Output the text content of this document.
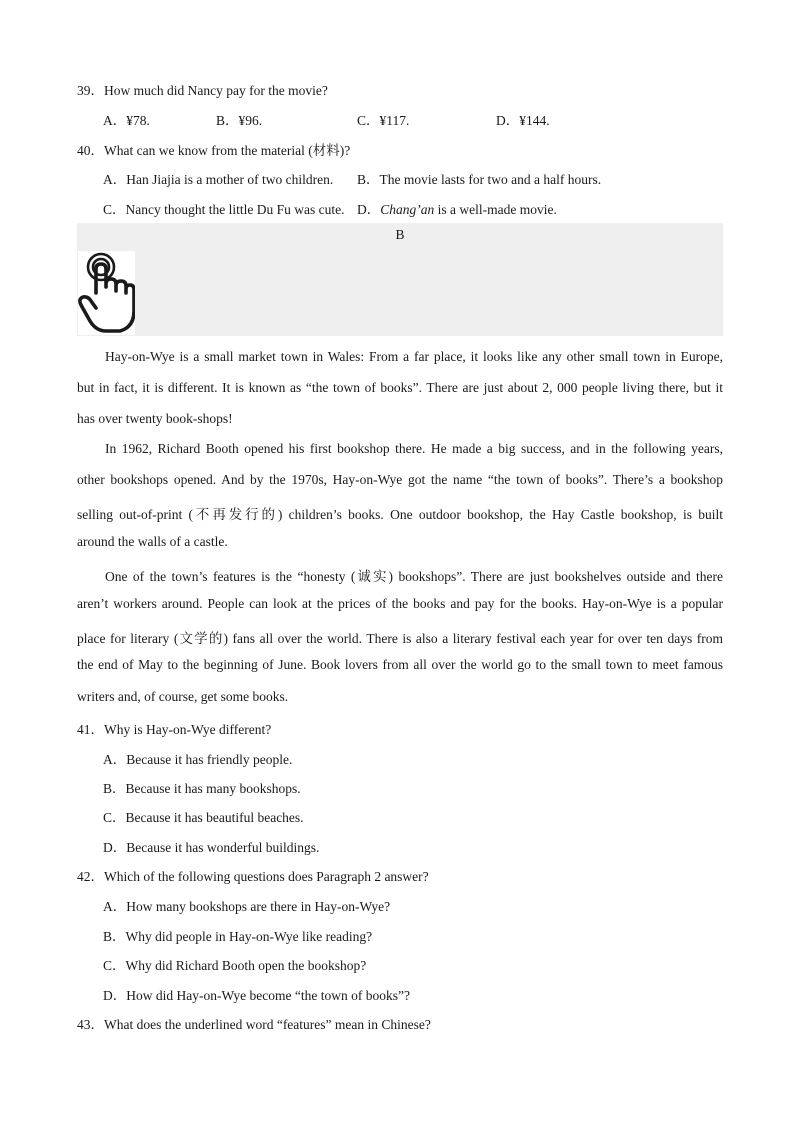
39．How much did Nancy pay for the movie?
A．¥78.	B．¥96.	C．¥117.	D．¥144.
40．What can we know from the material (材料)?
A．Han Jiajia is a mother of two children. B．The movie lasts for two and a half hours.
C．Nancy thought the little Du Fu was cute. D．Chang’an is a well-made movie.
B
Hay-on-Wye is a small market town in Wales: From a far place, it looks like any other small town in Europe,
but in fact, it is different. It is known as “the town of books”. There are just about 2, 000 people living there, but it
has over twenty book-shops!
In 1962, Richard Booth opened his first bookshop there. He made a big success, and in the following years,
other bookshops opened. And by the 1970s, Hay-on-Wye got the name “the town of books”. There’s a bookshop
selling out-of-print (不再发行的) children’s books. One outdoor bookshop, the Hay Castle bookshop, is built
around the walls of a castle.
One of the town’s features is the “honesty (诚实) bookshops”. There are just bookshelves outside and there
aren’t workers around. People can look at the prices of the books and pay for the books. Hay-on-Wye is a popular
place for literary (文学的) fans all over the world. There is also a literary festival each year for over ten days from
the end of May to the beginning of June. Book lovers from all over the world go to the small town to meet famous
writers and, of course, get some books.
41．Why is Hay-on-Wye different?
A．Because it has friendly people.
B．Because it has many bookshops.
C．Because it has beautiful beaches.
D．Because it has wonderful buildings.
42．Which of the following questions does Paragraph 2 answer?
A．How many bookshops are there in Hay-on-Wye?
B．Why did people in Hay-on-Wye like reading?
C．Why did Richard Booth open the bookshop?
D．How did Hay-on-Wye become “the town of books”?
43．What does the underlined word “features” mean in Chinese?
